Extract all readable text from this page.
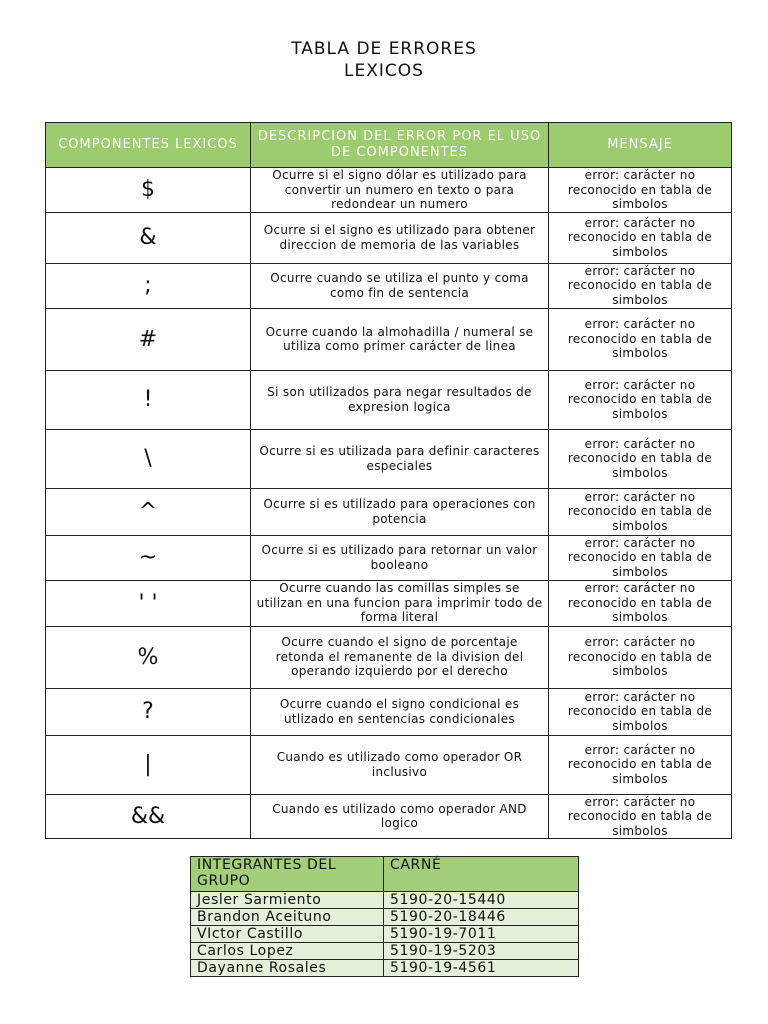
TABLA DE ERRORES
LEXICOS
COMPONENTES LEXICOS	DESCRIPCION DEL ERROR POR EL USO DE COMPONENTES	MENSAJE
$	Ocurre si el signo dólar es utilizado para convertir un numero en texto o para redondear un numero	error: carácter no reconocido en tabla de simbolos
&	Ocurre si el signo es utilizado para obtener direccion de memoria de las variables	error: carácter no reconocido en tabla de simbolos
;	Ocurre cuando se utiliza el punto y coma como fin de sentencia	error: carácter no reconocido en tabla de simbolos
#	Ocurre cuando la almohadilla / numeral se utiliza como primer carácter de linea	error: carácter no reconocido en tabla de simbolos
!	Si son utilizados para negar resultados de expresion logica	error: carácter no reconocido en tabla de simbolos
\	Ocurre si es utilizada para definir caracteres especiales	error: carácter no reconocido en tabla de simbolos
^	Ocurre si es utilizado para operaciones con potencia	error: carácter no reconocido en tabla de simbolos
~	Ocurre si es utilizado para retornar un valor booleano	error: carácter no reconocido en tabla de simbolos
' '	Ocurre cuando las comillas simples se utilizan en una funcion para imprimir todo de forma literal	error: carácter no reconocido en tabla de simbolos
%	Ocurre cuando el signo de porcentaje retonda el remanente de la division del operando izquierdo por el derecho	error: carácter no reconocido en tabla de simbolos
?	Ocurre cuando el signo condicional es utlizado en sentencias condicionales	error: carácter no reconocido en tabla de simbolos
|	Cuando es utilizado como operador OR inclusivo	error: carácter no reconocido en tabla de simbolos
&&	Cuando es utilizado como operador AND logico	error: carácter no reconocido en tabla de simbolos
INTEGRANTES DEL GRUPO	CARNÉ
Jesler Sarmiento	5190-20-15440
Brandon Aceituno	5190-20-18446
VIctor Castillo	5190-19-7011
Carlos Lopez	5190-19-5203
Dayanne Rosales	5190-19-4561
